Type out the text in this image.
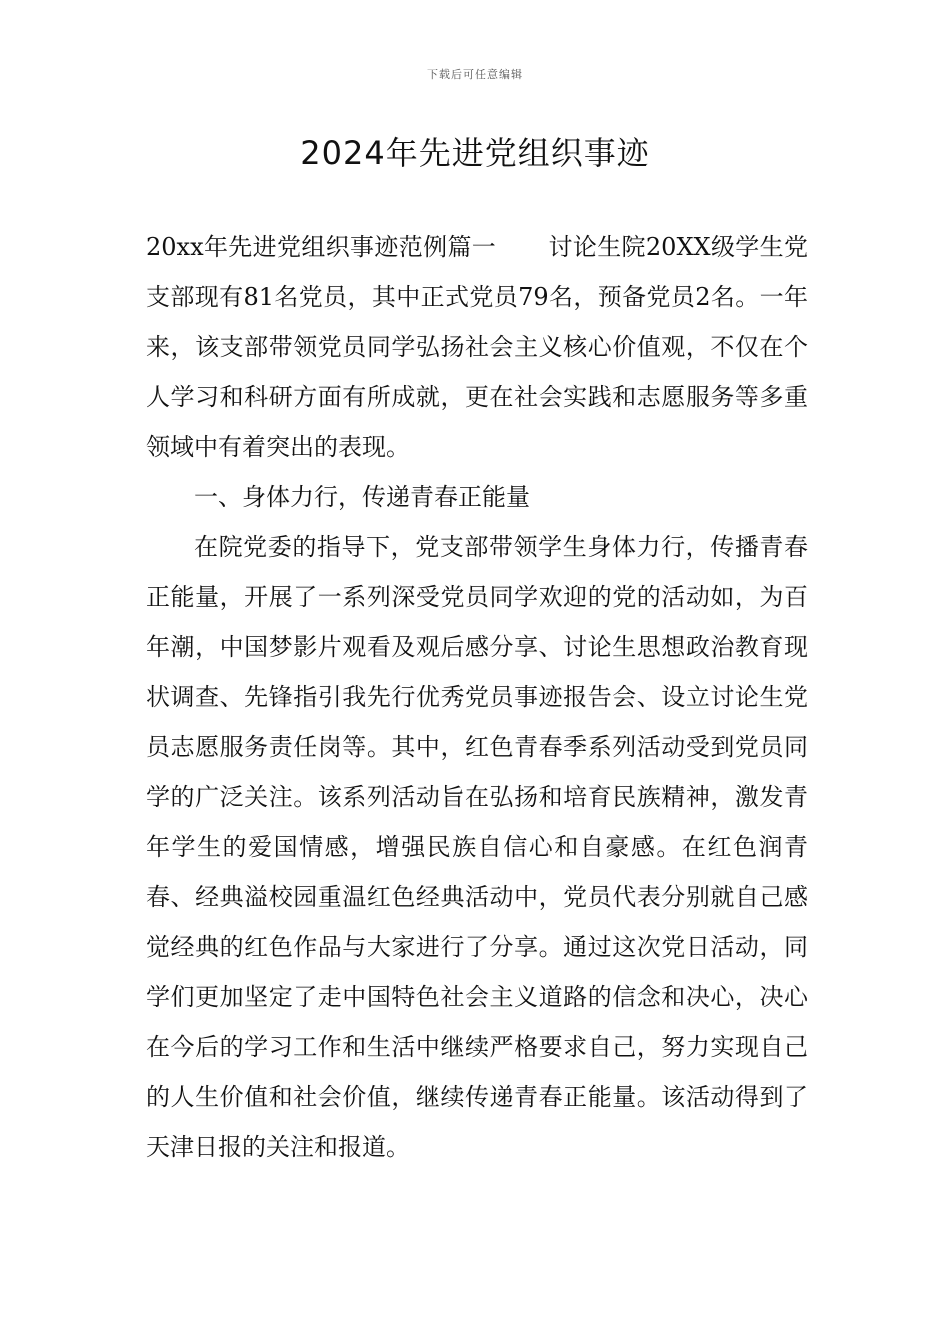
下载后可任意编辑
2024年先进党组织事迹

20xx年先进党组织事迹范例篇一 讨论生院20XX级学生党支部现有81名党员，其中正式党员79名，预备党员2名。一年来，该支部带领党员同学弘扬社会主义核心价值观，不仅在个人学习和科研方面有所成就，更在社会实践和志愿服务等多重领域中有着突出的表现。

一、身体力行，传递青春正能量

在院党委的指导下，党支部带领学生身体力行，传播青春正能量，开展了一系列深受党员同学欢迎的党的活动如，为百年潮，中国梦影片观看及观后感分享、讨论生思想政治教育现状调查、先锋指引我先行优秀党员事迹报告会、设立讨论生党员志愿服务责任岗等。其中，红色青春季系列活动受到党员同学的广泛关注。该系列活动旨在弘扬和培育民族精神，激发青年学生的爱国情感，增强民族自信心和自豪感。在红色润青春、经典溢校园重温红色经典活动中，党员代表分别就自己感觉经典的红色作品与大家进行了分享。通过这次党日活动，同学们更加坚定了走中国特色社会主义道路的信念和决心，决心在今后的学习工作和生活中继续严格要求自己，努力实现自己的人生价值和社会价值，继续传递青春正能量。该活动得到了天津日报的关注和报道。
